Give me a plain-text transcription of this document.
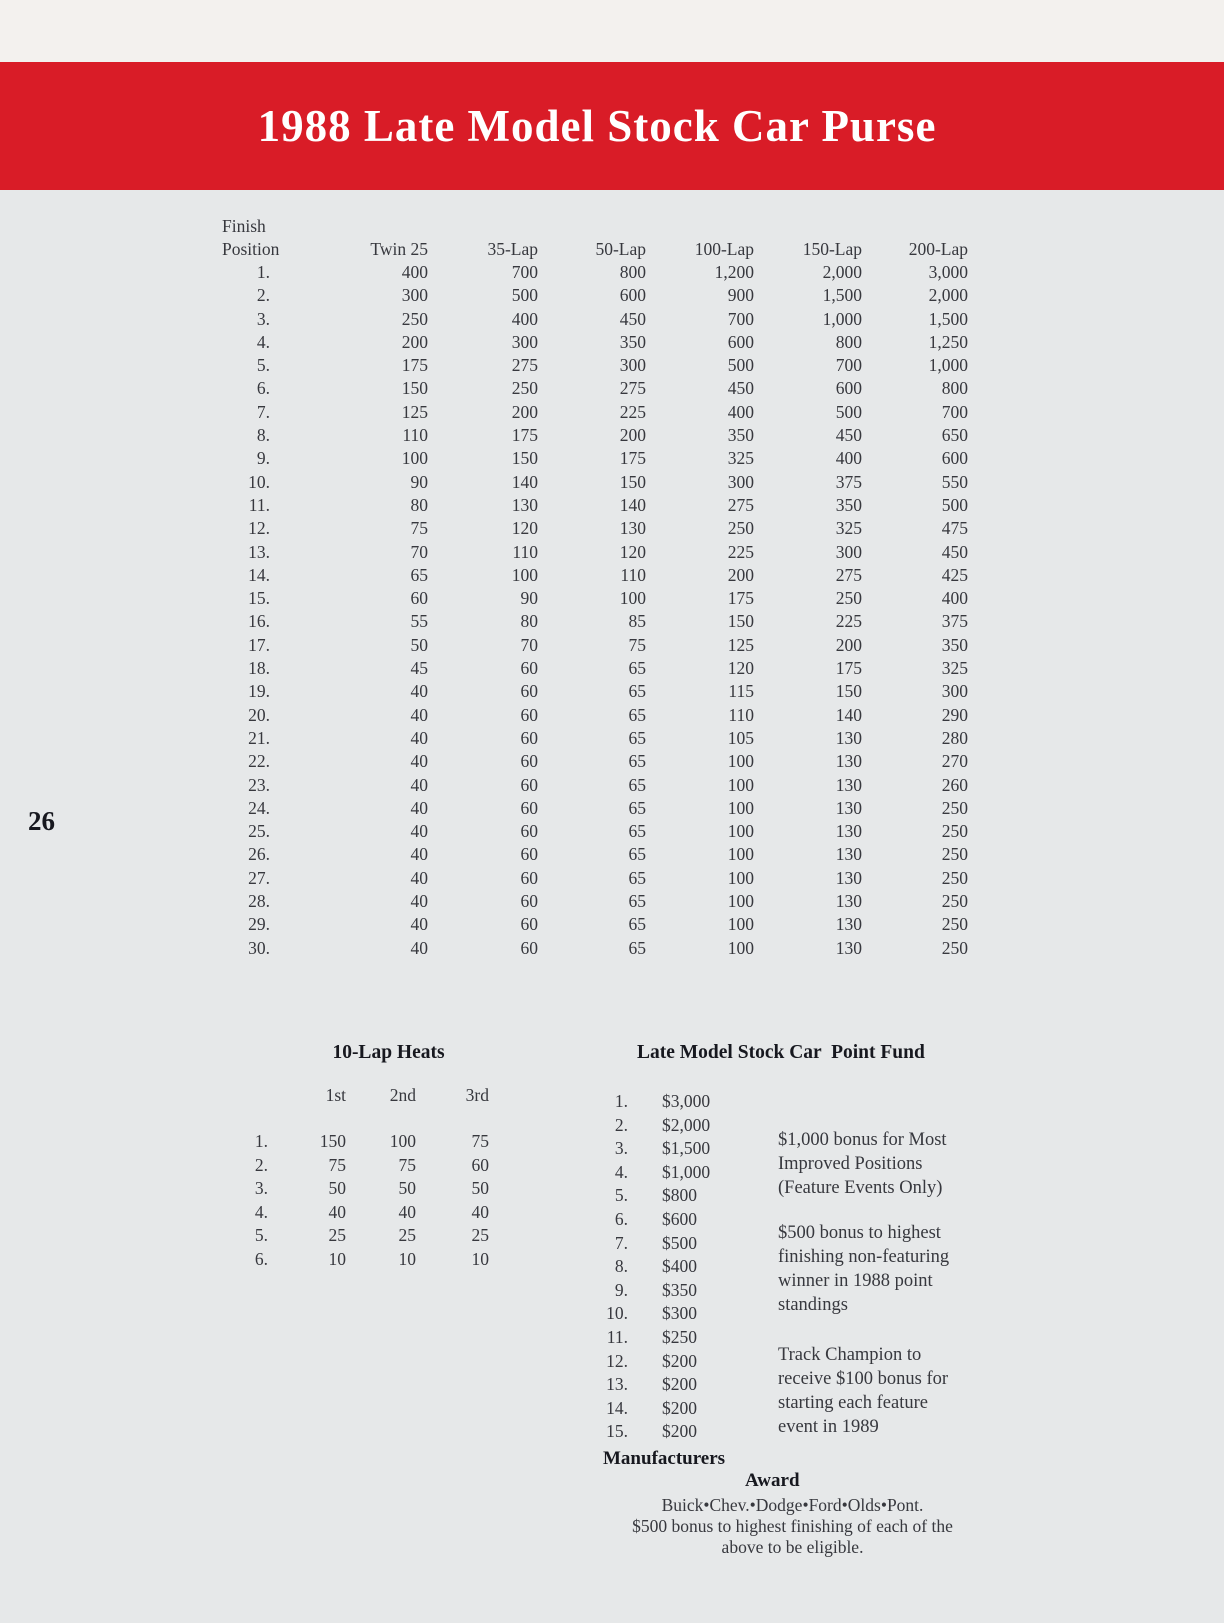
1988 Late Model Stock Car Purse
26
Finish
Position	Twin 25	35-Lap	50-Lap	100-Lap	150-Lap	200-Lap
1.	400	700	800	1,200	2,000	3,000
2.	300	500	600	900	1,500	2,000
3.	250	400	450	700	1,000	1,500
4.	200	300	350	600	800	1,250
5.	175	275	300	500	700	1,000
6.	150	250	275	450	600	800
7.	125	200	225	400	500	700
8.	110	175	200	350	450	650
9.	100	150	175	325	400	600
10.	90	140	150	300	375	550
11.	80	130	140	275	350	500
12.	75	120	130	250	325	475
13.	70	110	120	225	300	450
14.	65	100	110	200	275	425
15.	60	90	100	175	250	400
16.	55	80	85	150	225	375
17.	50	70	75	125	200	350
18.	45	60	65	120	175	325
19.	40	60	65	115	150	300
20.	40	60	65	110	140	290
21.	40	60	65	105	130	280
22.	40	60	65	100	130	270
23.	40	60	65	100	130	260
24.	40	60	65	100	130	250
25.	40	60	65	100	130	250
26.	40	60	65	100	130	250
27.	40	60	65	100	130	250
28.	40	60	65	100	130	250
29.	40	60	65	100	130	250
30.	40	60	65	100	130	250
10-Lap Heats
1st	2nd	3rd
1.	150	100	75
2.	75	75	60
3.	50	50	50
4.	40	40	40
5.	25	25	25
6.	10	10	10
Late Model Stock Car  Point Fund
1. $3,000
2. $2,000
3. $1,500
4. $1,000
5. $800
6. $600
7. $500
8. $400
9. $350
10. $300
11. $250
12. $200
13. $200
14. $200
15. $200
$1,000 bonus for Most
Improved Positions
(Feature Events Only)
$500 bonus to highest
finishing non-featuring
winner in 1988 point
standings
Track Champion to
receive $100 bonus for
starting each feature
event in 1989
Manufacturers
Award
Buick•Chev.•Dodge•Ford•Olds•Pont.
$500 bonus to highest finishing of each of the
above to be eligible.
